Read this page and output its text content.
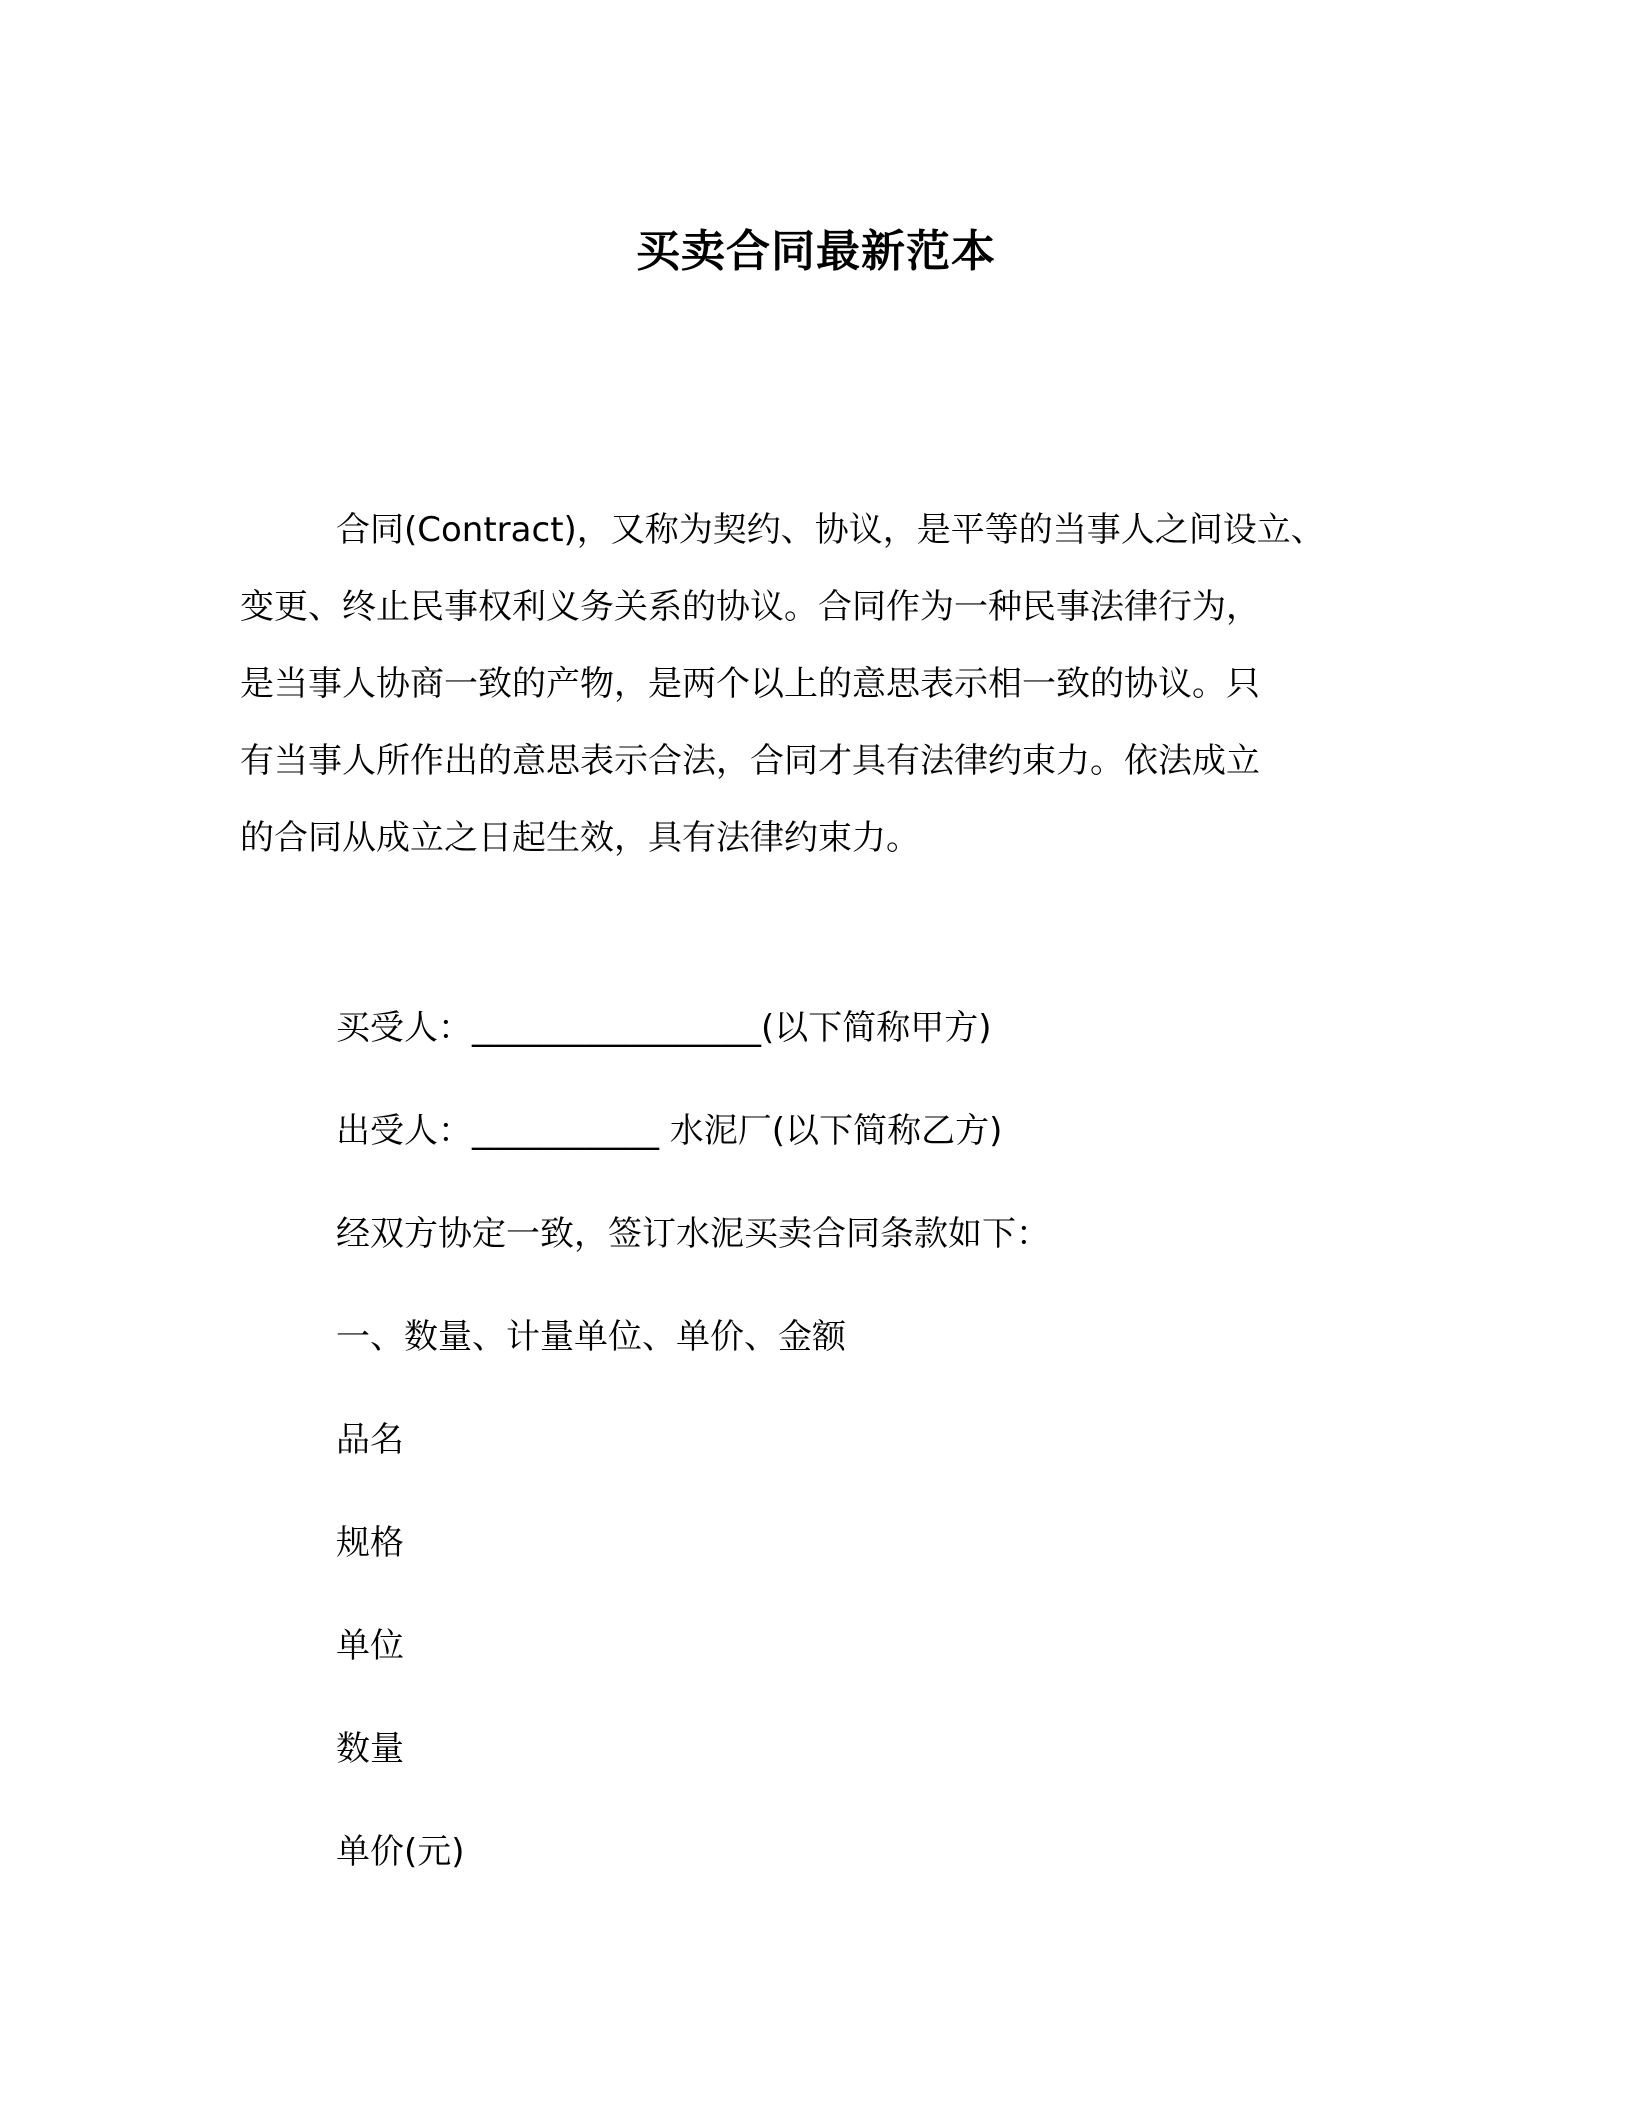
买卖合同最新范本
合同(Contract)，又称为契约、协议，是平等的当事人之间设立、
变更、终止民事权利义务关系的协议。合同作为一种民事法律行为，
是当事人协商一致的产物，是两个以上的意思表示相一致的协议。只
有当事人所作出的意思表示合法，合同才具有法律约束力。依法成立
的合同从成立之日起生效，具有法律约束力。
买受人：_________________(以下简称甲方)
出受人：___________ 水泥厂(以下简称乙方)
经双方协定一致，签订水泥买卖合同条款如下：
一、数量、计量单位、单价、金额
品名
规格
单位
数量
单价(元)
